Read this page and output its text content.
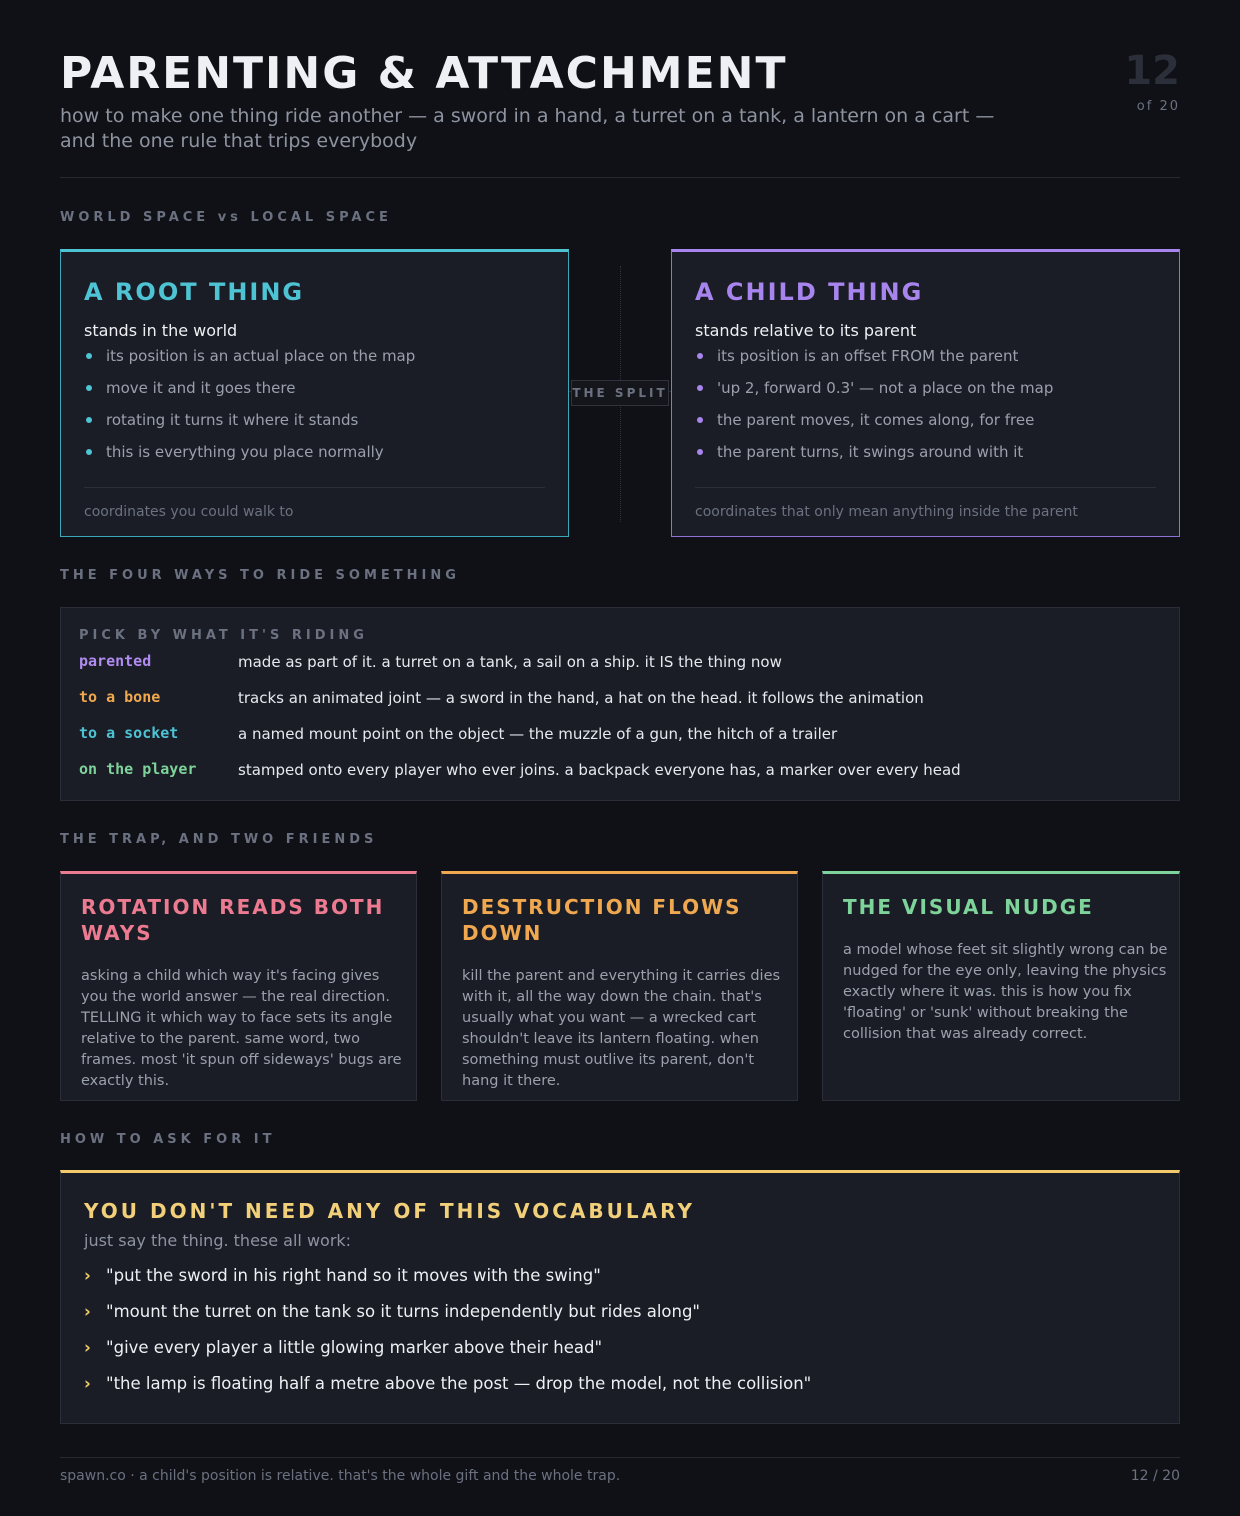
PARENTING & ATTACHMENT
how to make one thing ride another — a sword in a hand, a turret on a tank, a lantern on a cart — and the one rule that trips everybody
12
of 20
WORLD SPACE vs LOCAL SPACE
A ROOT THING
stands in the world
its position is an actual place on the map
move it and it goes there
rotating it turns it where it stands
this is everything you place normally
coordinates you could walk to
THE SPLIT
A CHILD THING
stands relative to its parent
its position is an offset FROM the parent
'up 2, forward 0.3' — not a place on the map
the parent moves, it comes along, for free
the parent turns, it swings around with it
coordinates that only mean anything inside the parent
THE FOUR WAYS TO RIDE SOMETHING
PICK BY WHAT IT'S RIDING
parented	made as part of it. a turret on a tank, a sail on a ship. it IS the thing now
to a bone	tracks an animated joint — a sword in the hand, a hat on the head. it follows the animation
to a socket	a named mount point on the object — the muzzle of a gun, the hitch of a trailer
on the player	stamped onto every player who ever joins. a backpack everyone has, a marker over every head
THE TRAP, AND TWO FRIENDS
ROTATION READS BOTH WAYS

asking a child which way it's facing gives you the world answer — the real direction. TELLING it which way to face sets its angle relative to the parent. same word, two frames. most 'it spun off sideways' bugs are exactly this.

DESTRUCTION FLOWS DOWN

kill the parent and everything it carries dies with it, all the way down the chain. that's usually what you want — a wrecked cart shouldn't leave its lantern floating. when something must outlive its parent, don't hang it there.

THE VISUAL NUDGE

a model whose feet sit slightly wrong can be nudged for the eye only, leaving the physics exactly where it was. this is how you fix 'floating' or 'sunk' without breaking the collision that was already correct.

HOW TO ASK FOR IT
YOU DON'T NEED ANY OF THIS VOCABULARY
just say the thing. these all work:
› "put the sword in his right hand so it moves with the swing"
› "mount the turret on the tank so it turns independently but rides along"
› "give every player a little glowing marker above their head"
› "the lamp is floating half a metre above the post — drop the model, not the collision"
spawn.co · a child's position is relative. that's the whole gift and the whole trap.	12 / 20
